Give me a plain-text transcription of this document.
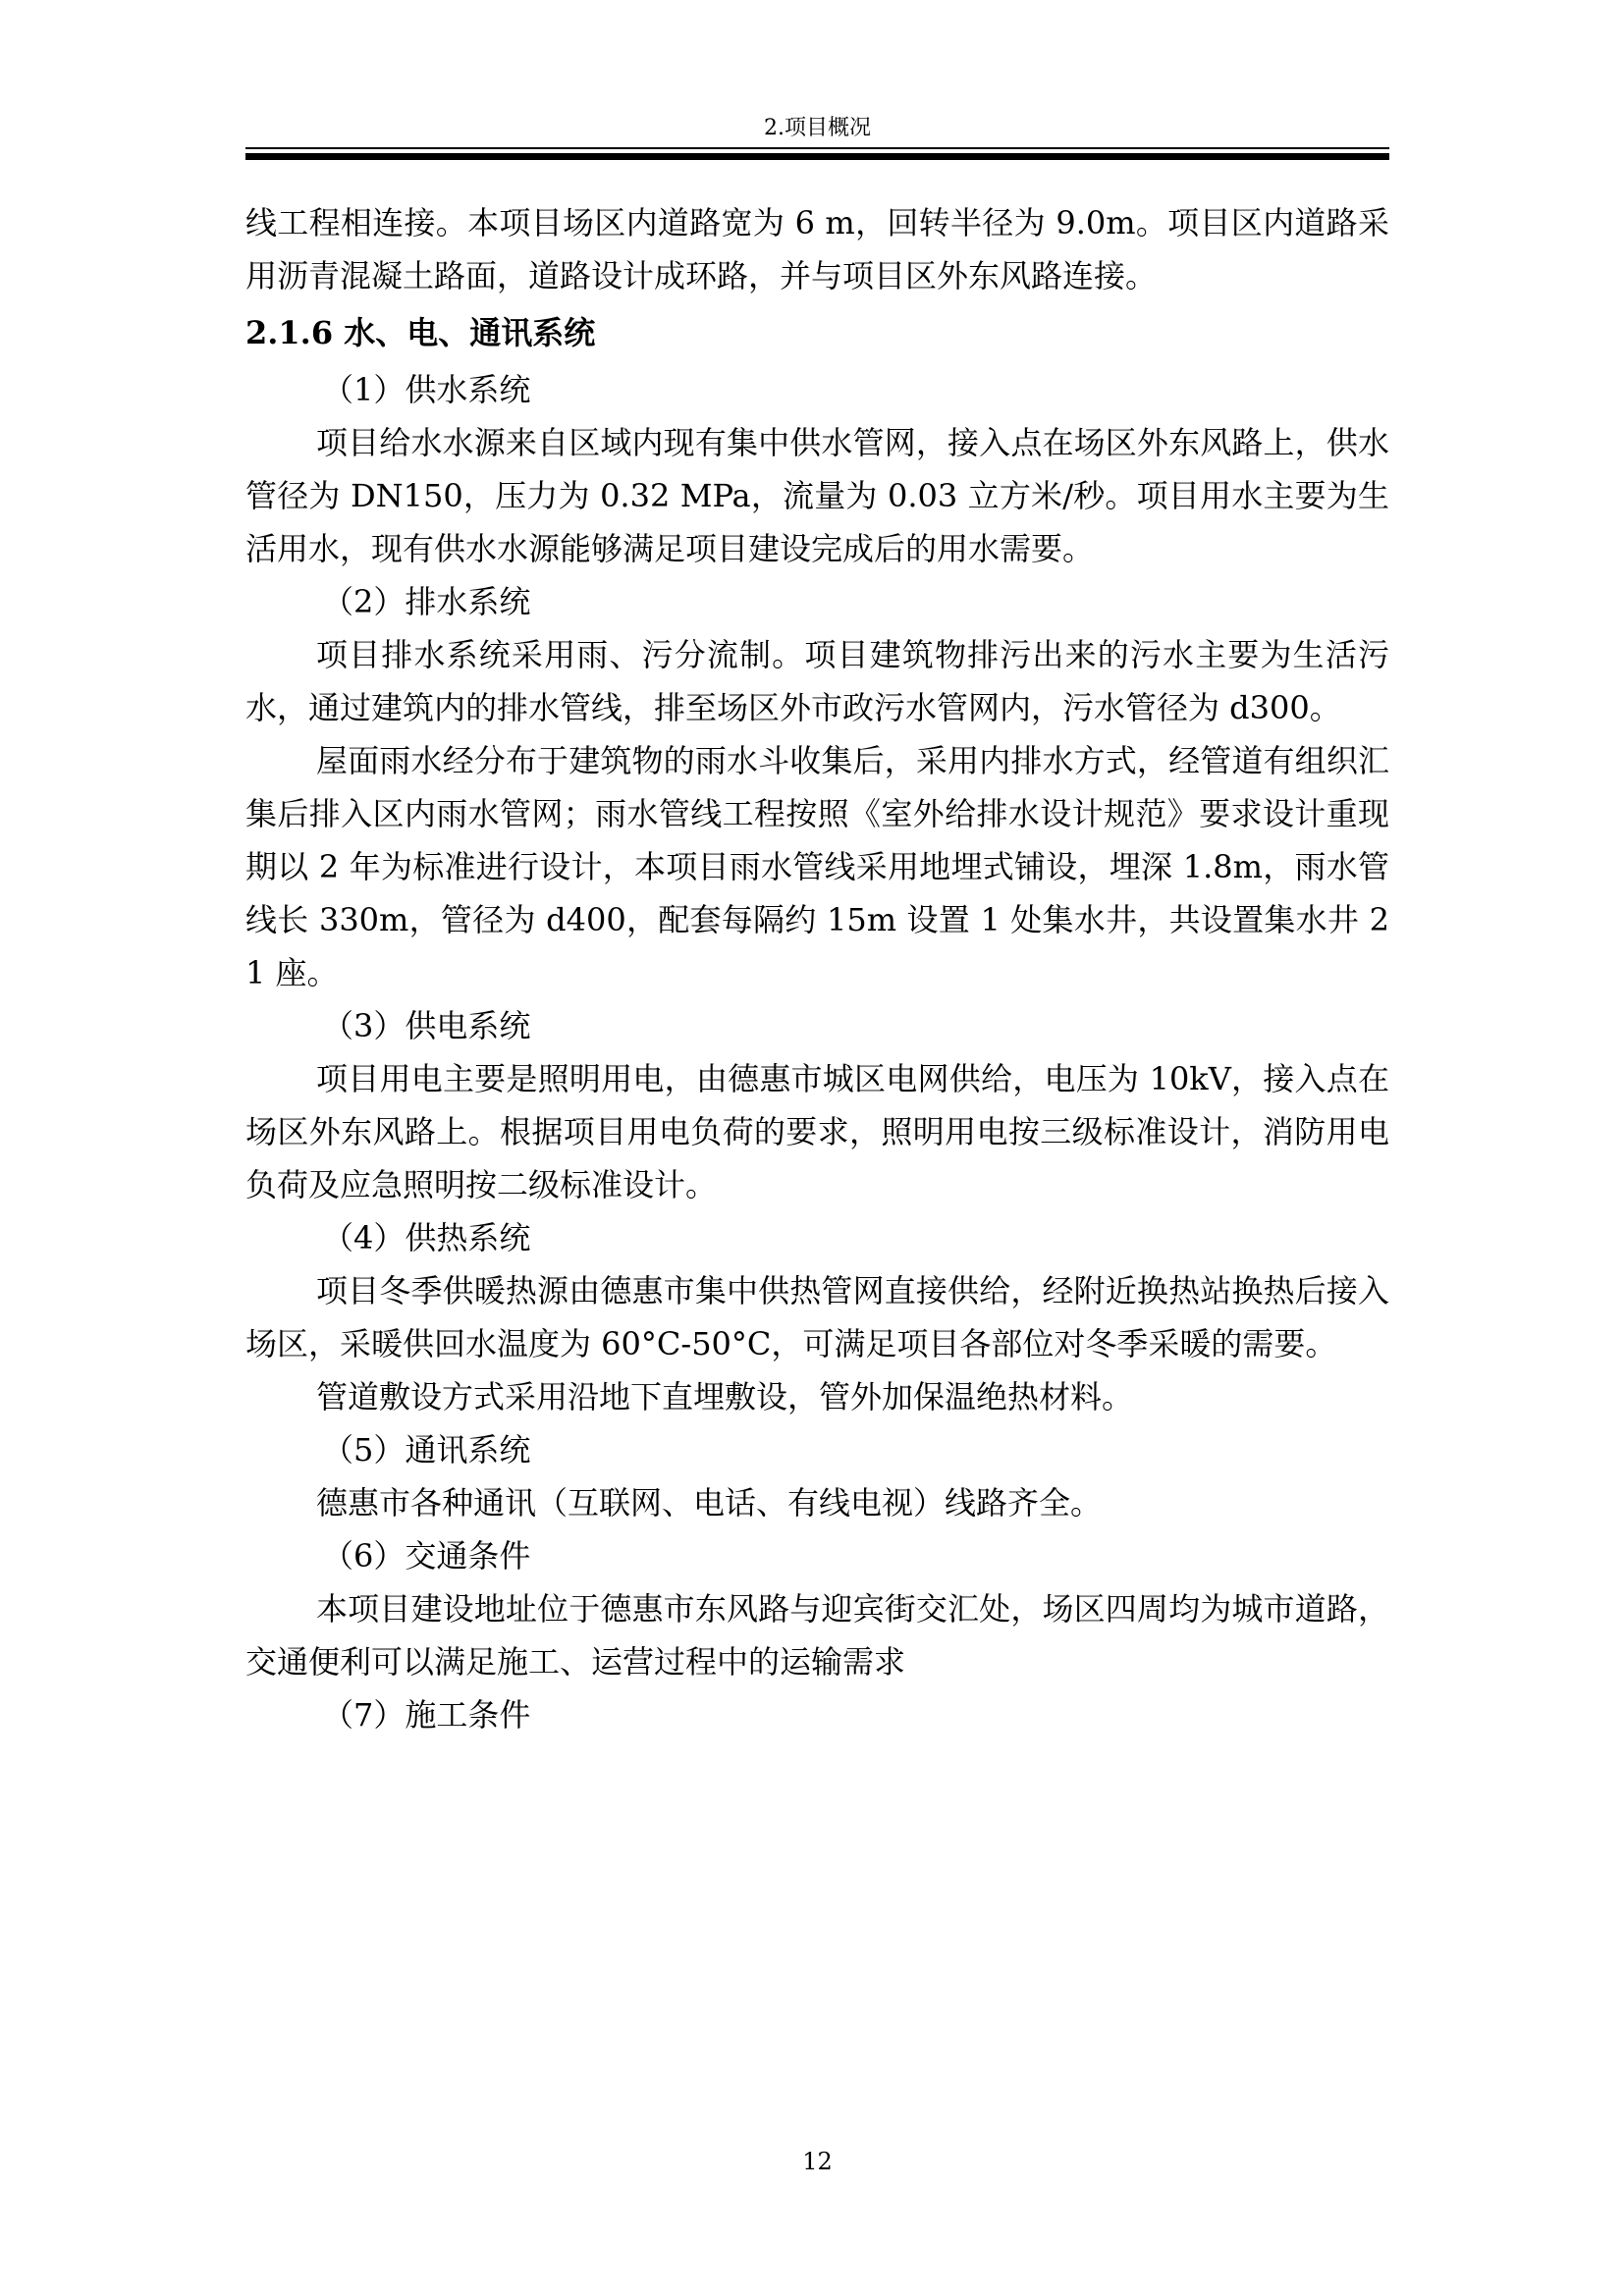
2.项目概况

线工程相连接。本项目场区内道路宽为 6 m，回转半径为 9.0m。项目区内道路采用沥青混凝土路面，道路设计成环路，并与项目区外东风路连接。

2.1.6 水、电、通讯系统

（1）供水系统

项目给水水源来自区域内现有集中供水管网，接入点在场区外东风路上，供水管径为 DN150，压力为 0.32 MPa，流量为 0.03 立方米/秒。项目用水主要为生活用水，现有供水水源能够满足项目建设完成后的用水需要。

（2）排水系统

项目排水系统采用雨、污分流制。项目建筑物排污出来的污水主要为生活污水，通过建筑内的排水管线，排至场区外市政污水管网内，污水管径为 d300。

屋面雨水经分布于建筑物的雨水斗收集后，采用内排水方式，经管道有组织汇集后排入区内雨水管网；雨水管线工程按照《室外给排水设计规范》要求设计重现期以 2 年为标准进行设计，本项目雨水管线采用地埋式铺设，埋深 1.8m，雨水管线长 330m，管径为 d400，配套每隔约 15m 设置 1 处集水井，共设置集水井 21 座。

（3）供电系统

项目用电主要是照明用电，由德惠市城区电网供给，电压为 10kV，接入点在场区外东风路上。根据项目用电负荷的要求，照明用电按三级标准设计，消防用电负荷及应急照明按二级标准设计。

（4）供热系统

项目冬季供暖热源由德惠市集中供热管网直接供给，经附近换热站换热后接入场区，采暖供回水温度为 60°C-50°C，可满足项目各部位对冬季采暖的需要。

管道敷设方式采用沿地下直埋敷设，管外加保温绝热材料。

（5）通讯系统

德惠市各种通讯（互联网、电话、有线电视）线路齐全。

（6）交通条件

本项目建设地址位于德惠市东风路与迎宾街交汇处，场区四周均为城市道路，交通便利可以满足施工、运营过程中的运输需求

（7）施工条件

12
